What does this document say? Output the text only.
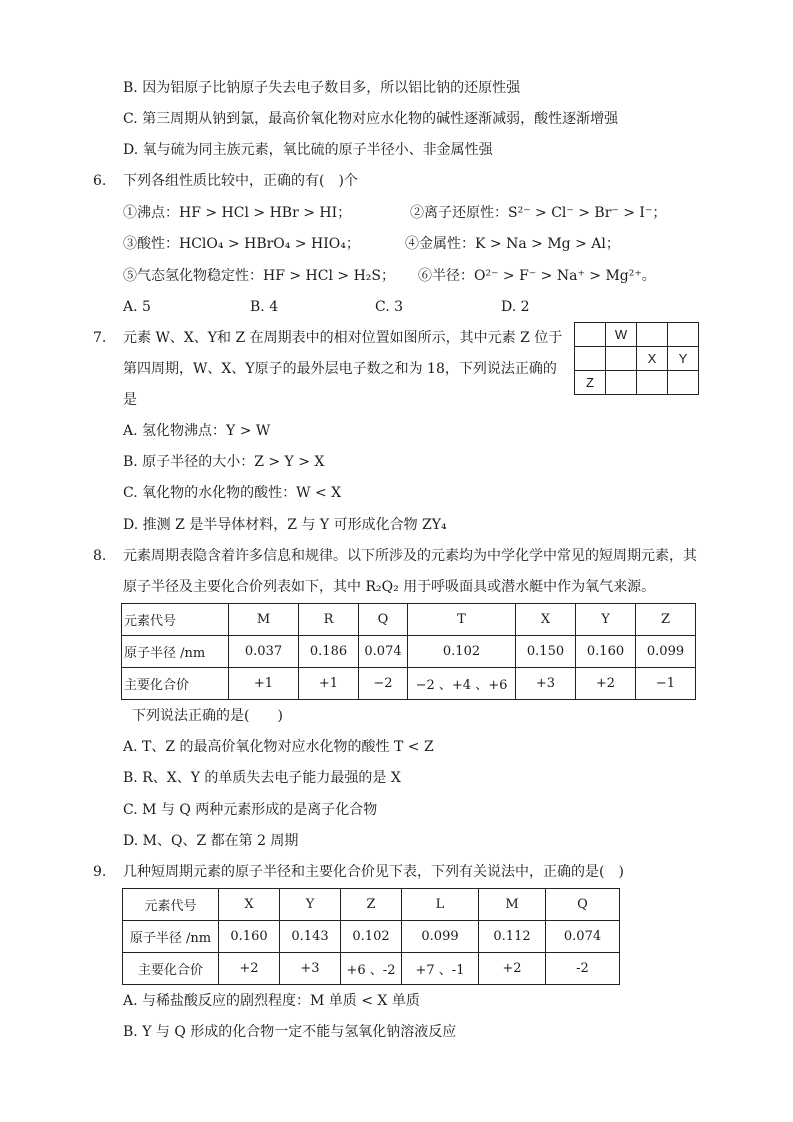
B. 因为铝原子比钠原子失去电子数目多，所以铝比钠的还原性强
C. 第三周期从钠到氯，最高价氧化物对应水化物的碱性逐渐减弱，酸性逐渐增强
D. 氧与硫为同主族元素，氧比硫的原子半径小、非金属性强
6. 下列各组性质比较中，正确的有(　)个
①沸点：HF > HCl > HBr > HI；	②离子还原性：S²⁻ > Cl⁻ > Br⁻ > I⁻；
③酸性：HClO₄ > HBrO₄ > HIO₄；	④金属性：K > Na > Mg > Al；
⑤气态氢化物稳定性：HF > HCl > H₂S； ⑥半径：O²⁻ > F⁻ > Na⁺ > Mg²⁺。
A. 5	B. 4	C. 3	D. 2
7. 元素 W、X、Y和 Z 在周期表中的相对位置如图所示，其中元素 Z 位于
第四周期，W、X、Y原子的最外层电子数之和为 18，下列说法正确的
是
	W		
		X	Y
Z			
A. 氢化物沸点：Y > W
B. 原子半径的大小：Z > Y > X
C. 氧化物的水化物的酸性：W < X
D. 推测 Z 是半导体材料，Z 与 Y 可形成化合物 ZY₄
8. 元素周期表隐含着许多信息和规律。以下所涉及的元素均为中学化学中常见的短周期元素，其
原子半径及主要化合价列表如下，其中 R₂Q₂ 用于呼吸面具或潜水艇中作为氧气来源。
元素代号	M	R	Q	T	X	Y	Z
原子半径 /nm	0.037	0.186	0.074	0.102	0.150	0.160	0.099
主要化合价	+1	+1	−2	−2 、+4 、+6	+3	+2	−1
下列说法正确的是(　　)
A. T、Z 的最高价氧化物对应水化物的酸性 T < Z
B. R、X、Y 的单质失去电子能力最强的是 X
C. M 与 Q 两种元素形成的是离子化合物
D. M、Q、Z 都在第 2 周期
9. 几种短周期元素的原子半径和主要化合价见下表，下列有关说法中，正确的是(　)
元素代号	X	Y	Z	L	M	Q
原子半径 /nm	0.160	0.143	0.102	0.099	0.112	0.074
主要化合价	+2	+3	+6 、-2	+7 、-1	+2	-2
A. 与稀盐酸反应的剧烈程度：M 单质 < X 单质
B. Y 与 Q 形成的化合物一定不能与氢氧化钠溶液反应
